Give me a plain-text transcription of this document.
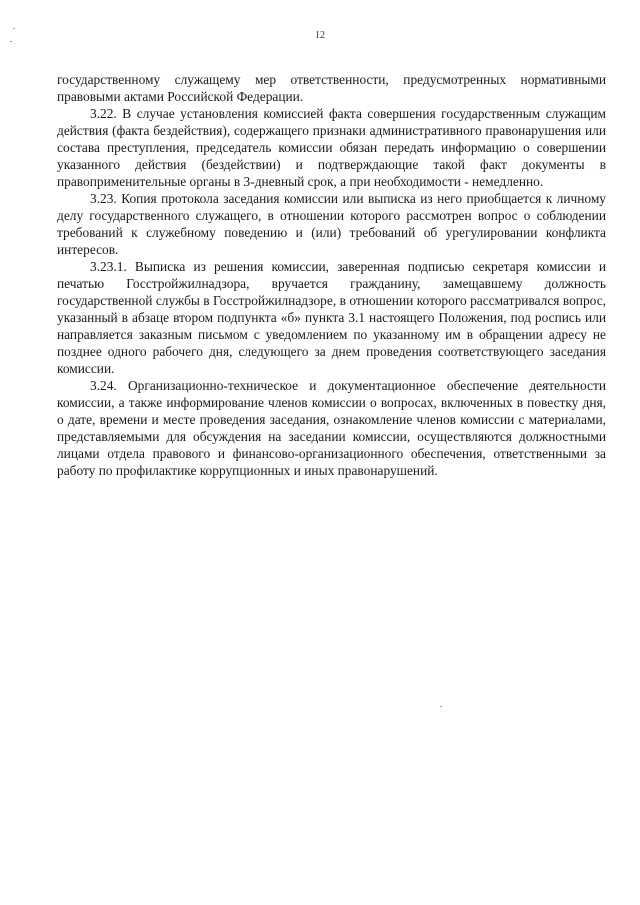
12

государственному служащему мер ответственности, предусмотренных нормативными правовыми актами Российской Федерации.

3.22. В случае установления комиссией факта совершения государственным служащим действия (факта бездействия), содержащего признаки административного правонарушения или состава преступления, председатель комиссии обязан передать информацию о совершении указанного действия (бездействии) и подтверждающие такой факт документы в правоприменительные органы в 3-дневный срок, а при необходимости - немедленно.

3.23. Копия протокола заседания комиссии или выписка из него приобщается к личному делу государственного служащего, в отношении которого рассмотрен вопрос о соблюдении требований к служебному поведению и (или) требований об урегулировании конфликта интересов.

3.23.1. Выписка из решения комиссии, заверенная подписью секретаря комиссии и печатью Госстройжилнадзора, вручается гражданину, замещавшему должность государственной службы в Госстройжилнадзоре, в отношении которого рассматривался вопрос, указанный в абзаце втором подпункта «б» пункта 3.1 настоящего Положения, под роспись или направляется заказным письмом с уведомлением по указанному им в обращении адресу не позднее одного рабочего дня, следующего за днем проведения соответствующего заседания комиссии.

3.24. Организационно-техническое и документационное обеспечение деятельности комиссии, а также информирование членов комиссии о вопросах, включенных в повестку дня, о дате, времени и месте проведения заседания, ознакомление членов комиссии с материалами, представляемыми для обсуждения на заседании комиссии, осуществляются должностными лицами отдела правового и финансово-организационного обеспечения, ответственными за работу по профилактике коррупционных и иных правонарушений.
